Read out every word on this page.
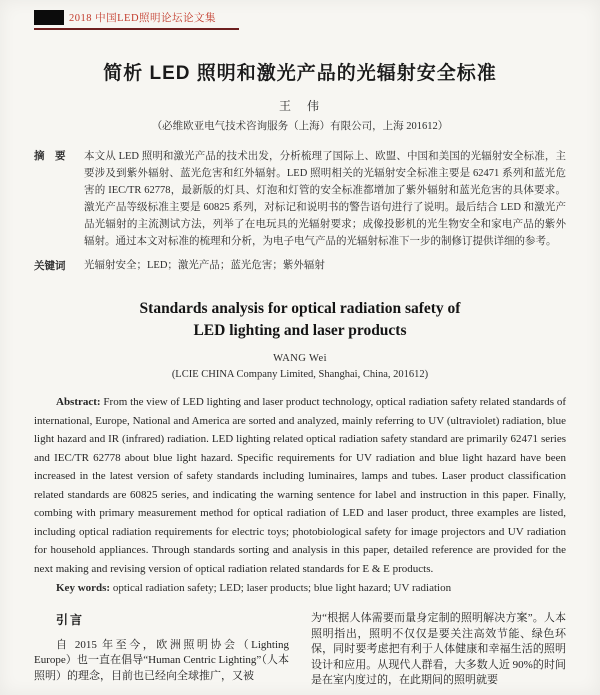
2018 中国LED照明论坛论文集
简析 LED 照明和激光产品的光辐射安全标准
王　伟
（必维欧亚电气技术咨询服务（上海）有限公司，上海 201612）
摘　要 本文从 LED 照明和激光产品的技术出发，分析梳理了国际上、欧盟、中国和美国的光辐射安全标准，主要涉及到紫外辐射、蓝光危害和红外辐射。LED 照明相关的光辐射安全标准主要是 62471 系列和蓝光危害的 IEC/TR 62778，最新版的灯具、灯泡和灯管的安全标准都增加了紫外辐射和蓝光危害的具体要求。激光产品等级标准主要是 60825 系列，对标记和说明书的警告语句进行了说明。最后结合 LED 和激光产品光辐射的主流测试方法，列举了在电玩具的光辐射要求；成像投影机的光生物安全和家电产品的紫外辐射。通过本文对标准的梳理和分析，为电子电气产品的光辐射标准下一步的制修订提供详细的参考。
关键词 光辐射安全；LED；激光产品；蓝光危害；紫外辐射
Standards analysis for optical radiation safety of
LED lighting and laser products
WANG Wei
(LCIE CHINA Company Limited, Shanghai, China, 201612)

Abstract: From the view of LED lighting and laser product technology, optical radiation safety related standards of international, Europe, National and America are sorted and analyzed, mainly referring to UV (ultraviolet) radiation, blue light hazard and IR (infrared) radiation. LED lighting related optical radiation safety standard are primarily 62471 series and IEC/TR 62778 about blue light hazard. Specific requirements for UV radiation and blue light hazard have been increased in the latest version of safety standards including luminaires, lamps and tubes. Laser product classification related standards are 60825 series, and indicating the warning sentence for label and instruction in this paper. Finally, combing with primary measurement method for optical radiation of LED and laser product, three examples are listed, including optical radiation requirements for electric toys; photobiological safety for image projectors and UV radiation for household appliances. Through standards sorting and analysis in this paper, detailed reference are provided for the next making and revising version of optical radiation related standards for E & E products.

Key words: optical radiation safety; LED; laser products; blue light hazard; UV radiation

引言

自 2015 年至今，欧洲照明协会（Lighting Europe）也一直在倡导“Human Centric Lighting”（人本照明）的理念，目前也已经向全球推广，又被

为“根据人体需要而量身定制的照明解决方案”。人本照明指出，照明不仅仅是要关注高效节能、绿色环保，同时要考虑把有利于人体健康和幸福生活的照明设计和应用。从现代人群看，大多数人近 90%的时间是在室内度过的，在此期间的照明就要
